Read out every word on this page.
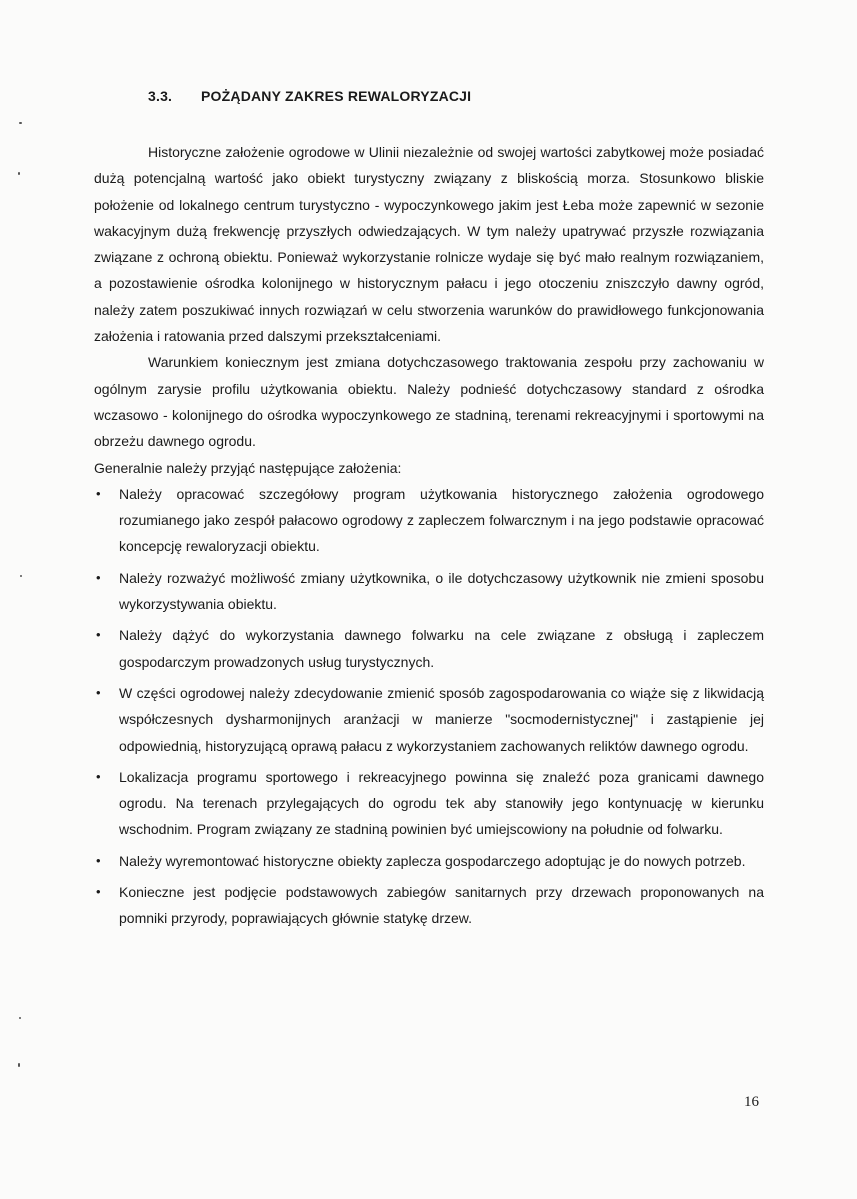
3.3. POŻĄDANY ZAKRES REWALORYZACJI

Historyczne założenie ogrodowe w Ulinii niezależnie od swojej wartości zabytkowej może posiadać dużą potencjalną wartość jako obiekt turystyczny związany z bliskością morza. Stosunkowo bliskie położenie od lokalnego centrum turystyczno - wypoczynkowego jakim jest Łeba może zapewnić w sezonie wakacyjnym dużą frekwencję przyszłych odwiedzających. W tym należy upatrywać przyszłe rozwiązania związane z ochroną obiektu. Ponieważ wykorzystanie rolnicze wydaje się być mało realnym rozwiązaniem, a pozostawienie ośrodka kolonijnego w historycznym pałacu i jego otoczeniu zniszczyło dawny ogród, należy zatem poszukiwać innych rozwiązań w celu stworzenia warunków do prawidłowego funkcjonowania założenia i ratowania przed dalszymi przekształceniami.

Warunkiem koniecznym jest zmiana dotychczasowego traktowania zespołu przy zachowaniu w ogólnym zarysie profilu użytkowania obiektu. Należy podnieść dotychczasowy standard z ośrodka wczasowo - kolonijnego do ośrodka wypoczynkowego ze stadniną, terenami rekreacyjnymi i sportowymi na obrzeżu dawnego ogrodu.

Generalnie należy przyjąć następujące założenia:

• Należy opracować szczegółowy program użytkowania historycznego założenia ogrodowego rozumianego jako zespół pałacowo ogrodowy z zapleczem folwarcznym i na jego podstawie opracować koncepcję rewaloryzacji obiektu.
• Należy rozważyć możliwość zmiany użytkownika, o ile dotychczasowy użytkownik nie zmieni sposobu wykorzystywania obiektu.
• Należy dążyć do wykorzystania dawnego folwarku na cele związane z obsługą i zapleczem gospodarczym prowadzonych usług turystycznych.
• W części ogrodowej należy zdecydowanie zmienić sposób zagospodarowania co wiąże się z likwidacją współczesnych dysharmonijnych aranżacji w manierze "socmodernistycznej" i zastąpienie jej odpowiednią, historyzującą oprawą pałacu z wykorzystaniem zachowanych reliktów dawnego ogrodu.
• Lokalizacja programu sportowego i rekreacyjnego powinna się znaleźć poza granicami dawnego ogrodu. Na terenach przylegających do ogrodu tek aby stanowiły jego kontynuację w kierunku wschodnim. Program związany ze stadniną powinien być umiejscowiony na południe od folwarku.
• Należy wyremontować historyczne obiekty zaplecza gospodarczego adoptując je do nowych potrzeb.
• Konieczne jest podjęcie podstawowych zabiegów sanitarnych przy drzewach proponowanych na pomniki przyrody, poprawiających głównie statykę drzew.
16
